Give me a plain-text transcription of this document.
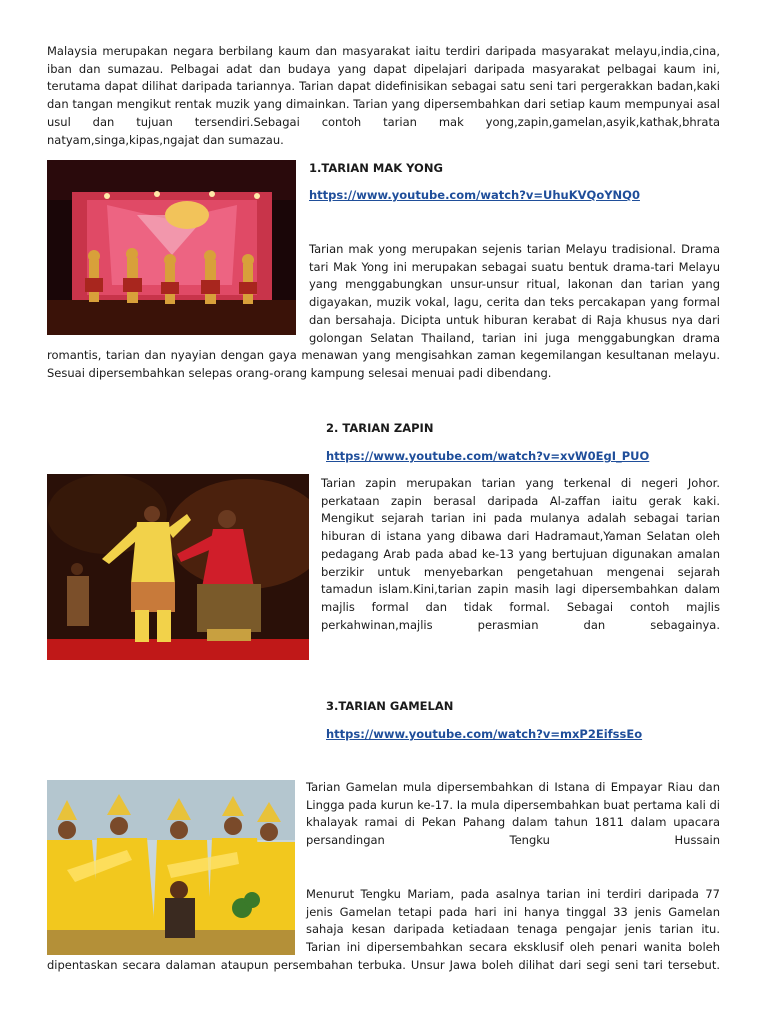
Malaysia merupakan negara berbilang kaum dan masyarakat iaitu terdiri daripada masyarakat melayu,india,cina, iban dan sumazau. Pelbagai adat dan budaya yang dapat dipelajari daripada masyarakat pelbagai kaum ini, terutama dapat dilihat daripada tariannya. Tarian dapat didefinisikan sebagai satu seni tari pergerakkan badan,kaki dan tangan mengikut rentak muzik yang dimainkan. Tarian yang dipersembahkan dari setiap kaum mempunyai asal usul dan tujuan tersendiri.Sebagai contoh tarian mak yong,zapin,gamelan,asyik,kathak,bhrata natyam,singa,kipas,ngajat dan sumazau.

1.TARIAN MAK YONG
https://www.youtube.com/watch?v=UhuKVQoYNQ0

Tarian mak yong merupakan sejenis tarian Melayu tradisional. Drama tari Mak Yong ini merupakan sebagai suatu bentuk drama-tari Melayu yang menggabungkan unsur-unsur ritual, lakonan dan tarian yang digayakan, muzik vokal, lagu, cerita dan teks percakapan yang formal dan bersahaja. Dicipta untuk hiburan kerabat di Raja khusus nya dari golongan Selatan Thailand, tarian ini juga menggabungkan drama

romantis, tarian dan nyayian dengan gaya menawan yang mengisahkan zaman kegemilangan kesultanan melayu. Sesuai dipersembahkan selepas orang-orang kampung selesai menuai padi dibendang.

2. TARIAN ZAPIN
https://www.youtube.com/watch?v=xvW0EgI_PUO

Tarian zapin merupakan tarian yang terkenal di negeri Johor. perkataan zapin berasal daripada Al-zaffan iaitu gerak kaki. Mengikut sejarah tarian ini pada mulanya adalah sebagai tarian hiburan di istana yang dibawa dari Hadramaut,Yaman Selatan oleh pedagang Arab pada abad ke-13 yang bertujuan digunakan amalan berzikir untuk menyebarkan pengetahuan mengenai sejarah tamadun islam.Kini,tarian zapin masih lagi dipersembahkan dalam majlis formal dan tidak formal. Sebagai contoh majlis perkahwinan,majlis perasmian dan sebagainya.

3.TARIAN GAMELAN
https://www.youtube.com/watch?v=mxP2EifssEo

Tarian Gamelan mula dipersembahkan di Istana di Empayar Riau dan Lingga pada kurun ke-17. Ia mula dipersembahkan buat pertama kali di khalayak ramai di Pekan Pahang dalam tahun 1811 dalam upacara persandingan Tengku Hussain

Menurut Tengku Mariam, pada asalnya tarian ini terdiri daripada 77 jenis Gamelan tetapi pada hari ini hanya tinggal 33 jenis Gamelan sahaja kesan daripada ketiadaan tenaga pengajar jenis tarian itu. Tarian ini dipersembahkan secara eksklusif oleh penari wanita boleh

dipentaskan secara dalaman ataupun persembahan terbuka. Unsur Jawa boleh dilihat dari segi seni tari tersebut.
